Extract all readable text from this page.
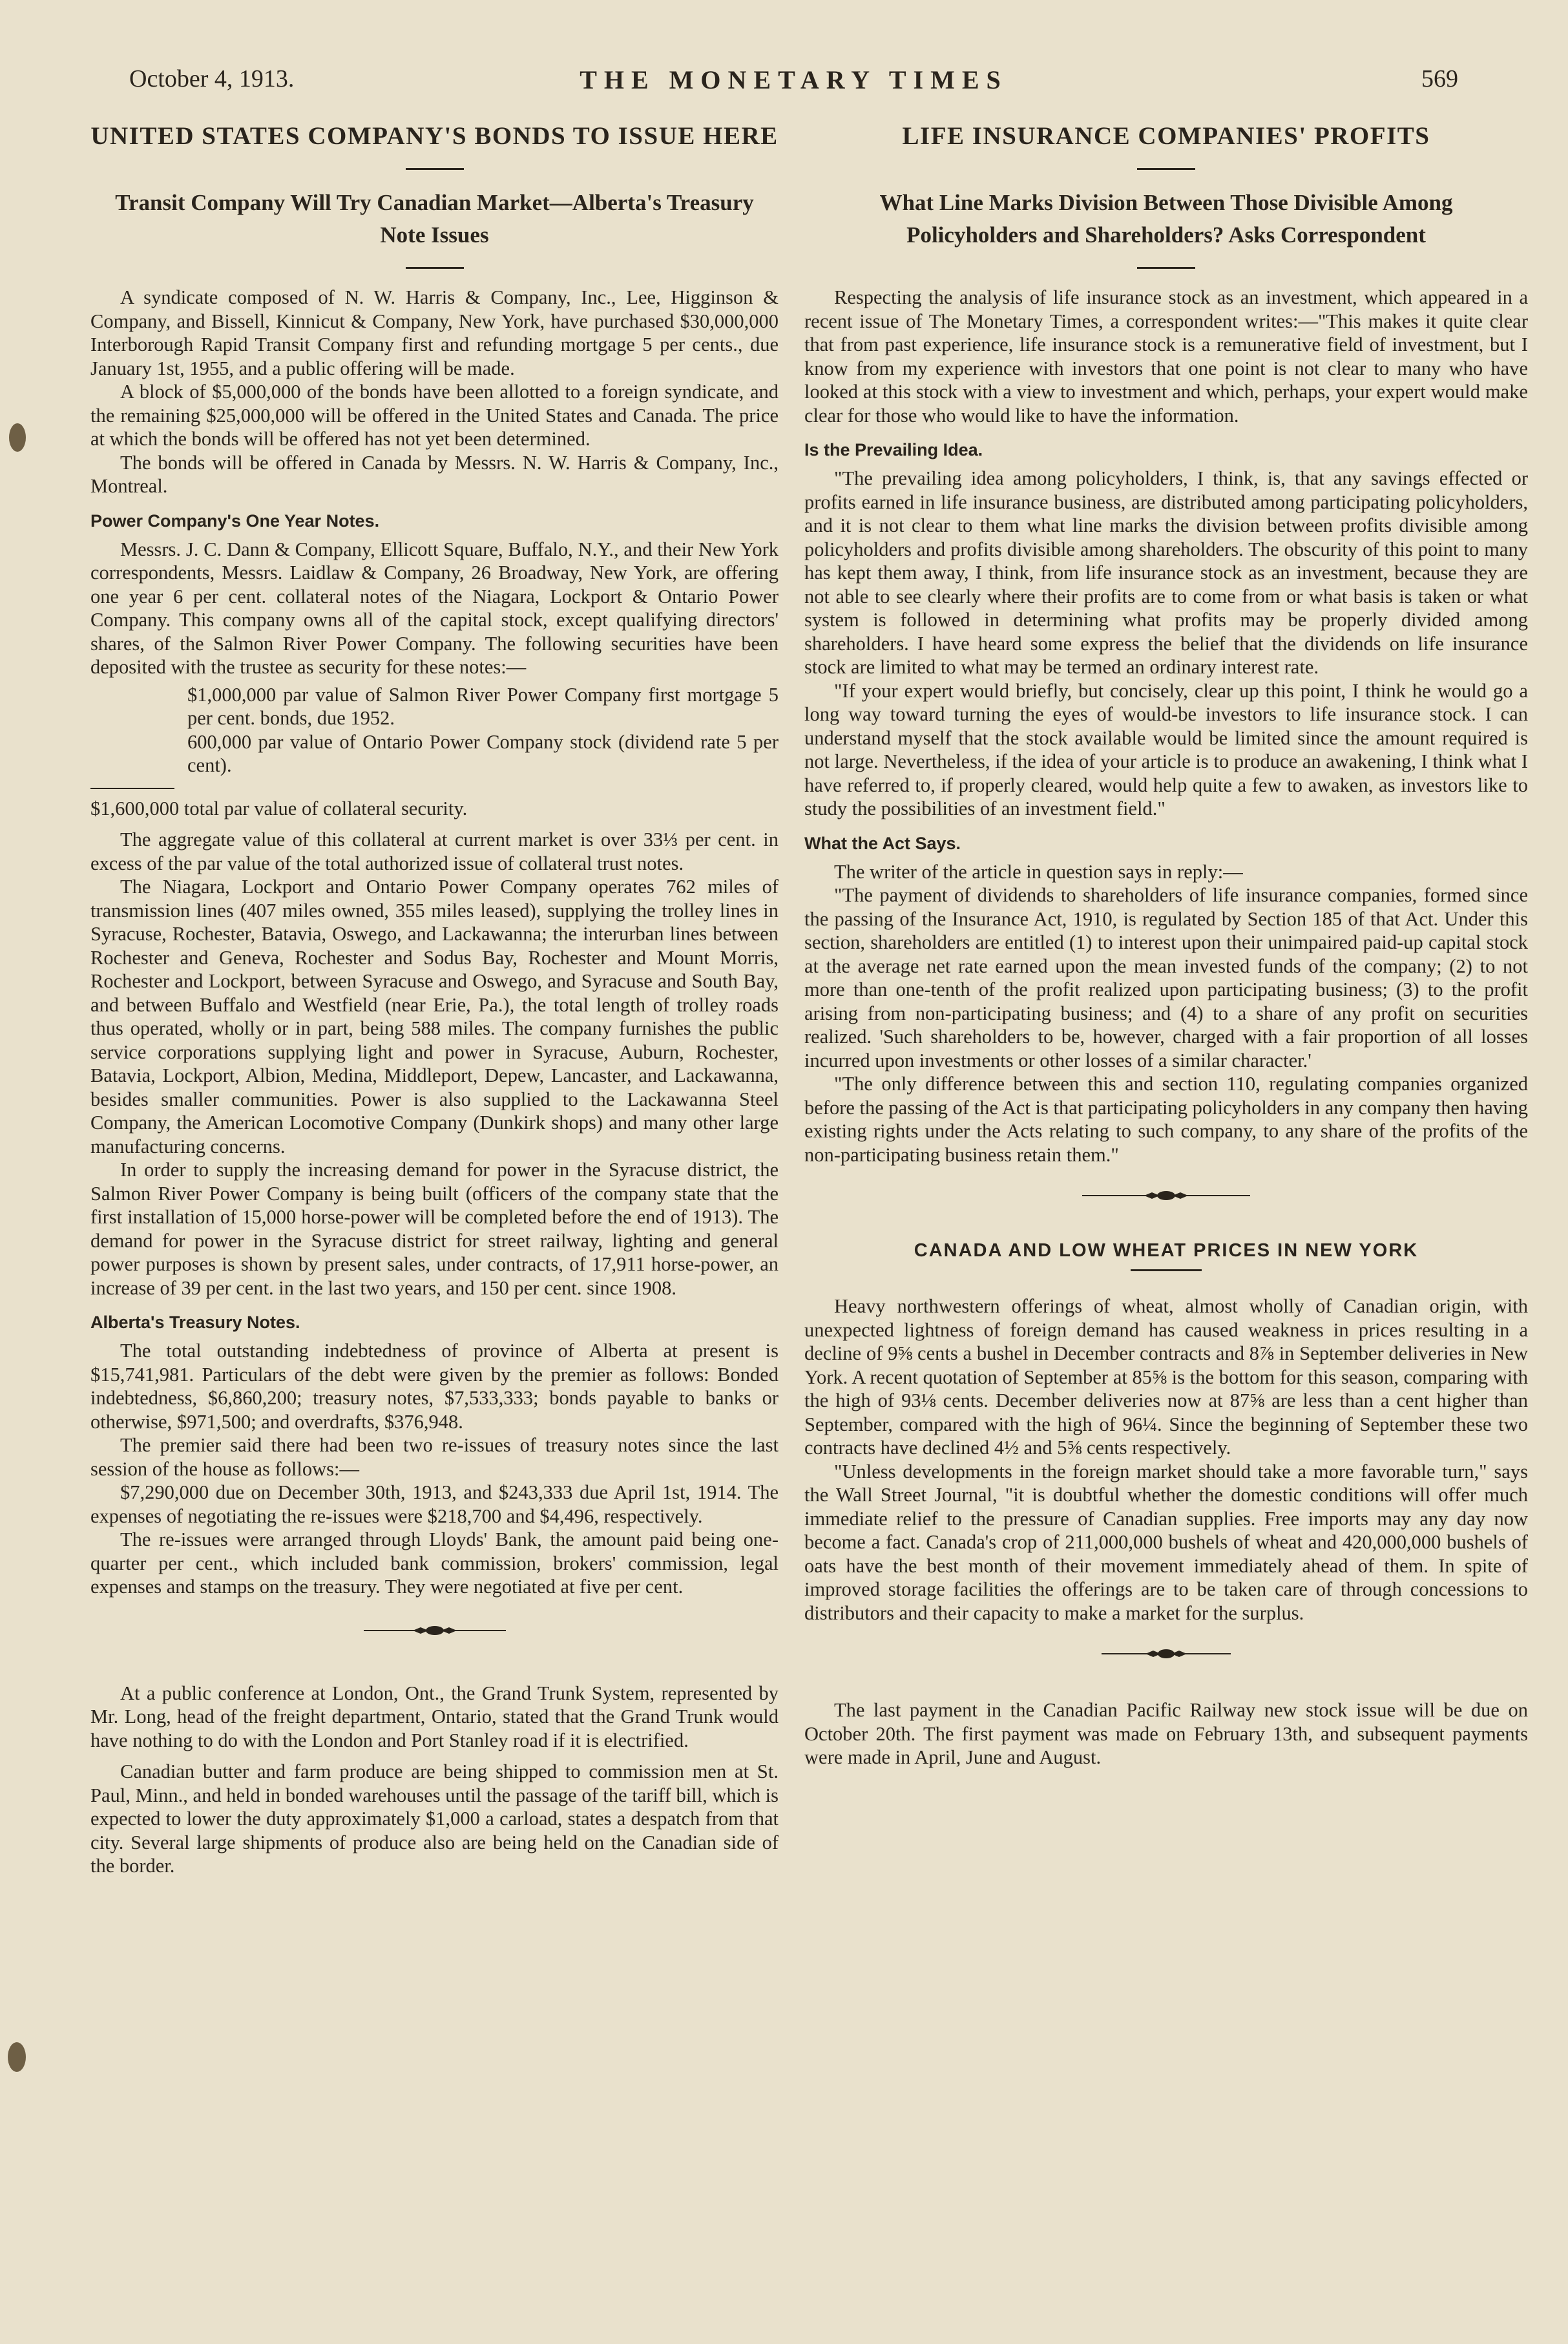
October 4, 1913.	THE MONETARY TIMES	569
UNITED STATES COMPANY'S BONDS TO ISSUE HERE
Transit Company Will Try Canadian Market—Alberta's Treasury Note Issues

A syndicate composed of N. W. Harris & Company, Inc., Lee, Higginson & Company, and Bissell, Kinnicut & Company, New York, have purchased $30,000,000 Interborough Rapid Transit Company first and refunding mortgage 5 per cents., due January 1st, 1955, and a public offering will be made.

A block of $5,000,000 of the bonds have been allotted to a foreign syndicate, and the remaining $25,000,000 will be offered in the United States and Canada. The price at which the bonds will be offered has not yet been determined.

The bonds will be offered in Canada by Messrs. N. W. Harris & Company, Inc., Montreal.

Power Company's One Year Notes.

Messrs. J. C. Dann & Company, Ellicott Square, Buffalo, N.Y., and their New York correspondents, Messrs. Laidlaw & Company, 26 Broadway, New York, are offering one year 6 per cent. collateral notes of the Niagara, Lockport & Ontario Power Company. This company owns all of the capital stock, except qualifying directors' shares, of the Salmon River Power Company. The following securities have been deposited with the trustee as security for these notes:—

$1,000,000 par value of Salmon River Power Company first mortgage 5 per cent. bonds, due 1952.

600,000 par value of Ontario Power Company stock (dividend rate 5 per cent).

$1,600,000 total par value of collateral security.

The aggregate value of this collateral at current market is over 33⅓ per cent. in excess of the par value of the total authorized issue of collateral trust notes.

The Niagara, Lockport and Ontario Power Company operates 762 miles of transmission lines (407 miles owned, 355 miles leased), supplying the trolley lines in Syracuse, Rochester, Batavia, Oswego, and Lackawanna; the interurban lines between Rochester and Geneva, Rochester and Sodus Bay, Rochester and Mount Morris, Rochester and Lockport, between Syracuse and Oswego, and Syracuse and South Bay, and between Buffalo and Westfield (near Erie, Pa.), the total length of trolley roads thus operated, wholly or in part, being 588 miles. The company furnishes the public service corporations supplying light and power in Syracuse, Auburn, Rochester, Batavia, Lockport, Albion, Medina, Middleport, Depew, Lancaster, and Lackawanna, besides smaller communities. Power is also supplied to the Lackawanna Steel Company, the American Locomotive Company (Dunkirk shops) and many other large manufacturing concerns.

In order to supply the increasing demand for power in the Syracuse district, the Salmon River Power Company is being built (officers of the company state that the first installation of 15,000 horse-power will be completed before the end of 1913). The demand for power in the Syracuse district for street railway, lighting and general power purposes is shown by present sales, under contracts, of 17,911 horse-power, an increase of 39 per cent. in the last two years, and 150 per cent. since 1908.

Alberta's Treasury Notes.

The total outstanding indebtedness of province of Alberta at present is $15,741,981. Particulars of the debt were given by the premier as follows: Bonded indebtedness, $6,860,200; treasury notes, $7,533,333; bonds payable to banks or otherwise, $971,500; and overdrafts, $376,948.

The premier said there had been two re-issues of treasury notes since the last session of the house as follows:—

$7,290,000 due on December 30th, 1913, and $243,333 due April 1st, 1914. The expenses of negotiating the re-issues were $218,700 and $4,496, respectively.

The re-issues were arranged through Lloyds' Bank, the amount paid being one-quarter per cent., which included bank commission, brokers' commission, legal expenses and stamps on the treasury. They were negotiated at five per cent.

At a public conference at London, Ont., the Grand Trunk System, represented by Mr. Long, head of the freight department, Ontario, stated that the Grand Trunk would have nothing to do with the London and Port Stanley road if it is electrified.

Canadian butter and farm produce are being shipped to commission men at St. Paul, Minn., and held in bonded warehouses until the passage of the tariff bill, which is expected to lower the duty approximately $1,000 a carload, states a despatch from that city. Several large shipments of produce also are being held on the Canadian side of the border.

LIFE INSURANCE COMPANIES' PROFITS
What Line Marks Division Between Those Divisible Among Policyholders and Shareholders? Asks Correspondent

Respecting the analysis of life insurance stock as an investment, which appeared in a recent issue of The Monetary Times, a correspondent writes:—"This makes it quite clear that from past experience, life insurance stock is a remunerative field of investment, but I know from my experience with investors that one point is not clear to many who have looked at this stock with a view to investment and which, perhaps, your expert would make clear for those who would like to have the information.

Is the Prevailing Idea.

"The prevailing idea among policyholders, I think, is, that any savings effected or profits earned in life insurance business, are distributed among participating policyholders, and it is not clear to them what line marks the division between profits divisible among policyholders and profits divisible among shareholders. The obscurity of this point to many has kept them away, I think, from life insurance stock as an investment, because they are not able to see clearly where their profits are to come from or what basis is taken or what system is followed in determining what profits may be properly divided among shareholders. I have heard some express the belief that the dividends on life insurance stock are limited to what may be termed an ordinary interest rate.

"If your expert would briefly, but concisely, clear up this point, I think he would go a long way toward turning the eyes of would-be investors to life insurance stock. I can understand myself that the stock available would be limited since the amount required is not large. Nevertheless, if the idea of your article is to produce an awakening, I think what I have referred to, if properly cleared, would help quite a few to awaken, as investors like to study the possibilities of an investment field."

What the Act Says.

The writer of the article in question says in reply:—

"The payment of dividends to shareholders of life insurance companies, formed since the passing of the Insurance Act, 1910, is regulated by Section 185 of that Act. Under this section, shareholders are entitled (1) to interest upon their unimpaired paid-up capital stock at the average net rate earned upon the mean invested funds of the company; (2) to not more than one-tenth of the profit realized upon participating business; (3) to the profit arising from non-participating business; and (4) to a share of any profit on securities realized. 'Such shareholders to be, however, charged with a fair proportion of all losses incurred upon investments or other losses of a similar character.'

"The only difference between this and section 110, regulating companies organized before the passing of the Act is that participating policyholders in any company then having existing rights under the Acts relating to such company, to any share of the profits of the non-participating business retain them."

CANADA AND LOW WHEAT PRICES IN NEW YORK

Heavy northwestern offerings of wheat, almost wholly of Canadian origin, with unexpected lightness of foreign demand has caused weakness in prices resulting in a decline of 9⅝ cents a bushel in December contracts and 8⅞ in September deliveries in New York. A recent quotation of September at 85⅝ is the bottom for this season, comparing with the high of 93⅛ cents. December deliveries now at 87⅝ are less than a cent higher than September, compared with the high of 96¼. Since the beginning of September these two contracts have declined 4½ and 5⅝ cents respectively.

"Unless developments in the foreign market should take a more favorable turn," says the Wall Street Journal, "it is doubtful whether the domestic conditions will offer much immediate relief to the pressure of Canadian supplies. Free imports may any day now become a fact. Canada's crop of 211,000,000 bushels of wheat and 420,000,000 bushels of oats have the best month of their movement immediately ahead of them. In spite of improved storage facilities the offerings are to be taken care of through concessions to distributors and their capacity to make a market for the surplus.

The last payment in the Canadian Pacific Railway new stock issue will be due on October 20th. The first payment was made on February 13th, and subsequent payments were made in April, June and August.
